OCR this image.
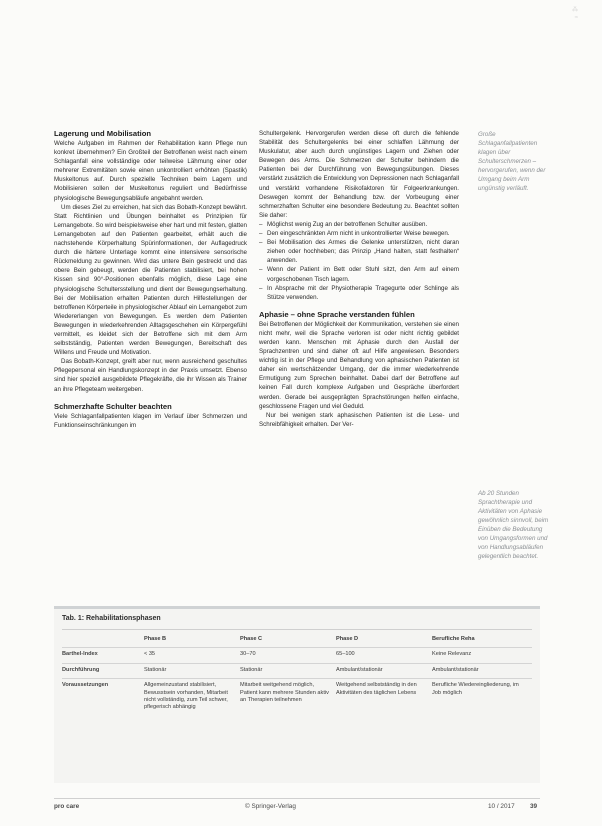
⁂
≈
Lagerung und Mobilisation

Welche Aufgaben im Rahmen der Rehabilitation kann Pflege nun konkret übernehmen? Ein Großteil der Betroffenen weist nach einem Schlaganfall eine vollständige oder teilweise Lähmung einer oder mehrerer Extremitäten sowie einen unkontrolliert erhöhten (Spastik) Muskeltonus auf. Durch spezielle Techniken beim Lagern und Mobilisieren sollen der Muskeltonus reguliert und Bedürfnisse physiologische Bewegungsabläufe angebahnt werden.

Um dieses Ziel zu erreichen, hat sich das Bobath-Konzept bewährt. Statt Richtlinien und Übungen beinhaltet es Prinzipien für Lernangebote. So wird beispielsweise eher hart und mit festen, glatten Lernangeboten auf den Patienten gearbeitet, erhält auch die nachstehende Körperhaltung Spürinformationen, der Auflagedruck durch die härtere Unterlage kommt eine intensivere sensorische Rückmeldung zu gewinnen. Wird das untere Bein gestreckt und das obere Bein gebeugt, werden die Patienten stabilisiert, bei hohen Kissen sind 90°-Positionen ebenfalls möglich, diese Lage eine physiologische Schultersstellung und dient der Bewegungserhaltung. Bei der Mobilisation erhalten Patienten durch Hilfestellungen der betroffenen Körperteile in physiologischer Ablauf ein Lernangebot zum Wiedererlangen von Bewegungen. Es werden dem Patienten Bewegungen in wiederkehrenden Alltagsgeschehen ein Körpergefühl vermittelt, es kleidet sich der Betroffene sich mit dem Arm selbstständig, Patienten werden Bewegungen, Bereitschaft des Willens und Freude und Motivation.

Das Bobath-Konzept, greift aber nur, wenn ausreichend geschultes Pflegepersonal ein Handlungskonzept in der Praxis umsetzt. Ebenso sind hier speziell ausgebildete Pflegekräfte, die ihr Wissen als Trainer an ihre Pflegeteam weitergeben.

Schmerzhafte Schulter beachten

Viele Schlaganfallpatienten klagen im Verlauf über Schmerzen und Funktionseinschränkungen im

Schultergelenk. Hervorgerufen werden diese oft durch die fehlende Stabilität des Schultergelenks bei einer schlaffen Lähmung der Muskulatur, aber auch durch ungünstiges Lagern und Ziehen oder Bewegen des Arms. Die Schmerzen der Schulter behindern die Patienten bei der Durchführung von Bewegungsübungen. Dieses verstärkt zusätzlich die Entwicklung von Depressionen nach Schlaganfall und verstärkt vorhandene Risikofaktoren für Folgeerkrankungen. Deswegen kommt der Behandlung bzw. der Vorbeugung einer schmerzhaften Schulter eine besondere Bedeutung zu. Beachtet sollten Sie daher:

– Möglichst wenig Zug an der betroffenen Schulter ausüben.
– Den eingeschränkten Arm nicht in unkontrollierter Weise bewegen.
– Bei Mobilisation des Armes die Gelenke unterstützen, nicht daran ziehen oder hochheben; das Prinzip „Hand halten, statt festhalten“ anwenden.
– Wenn der Patient im Bett oder Stuhl sitzt, den Arm auf einem vorgeschobenen Tisch lagern.
– In Absprache mit der Physiotherapie Tragegurte oder Schlinge als Stütze verwenden.
Aphasie – ohne Sprache verstanden fühlen

Bei Betroffenen der Möglichkeit der Kommunikation, verstehen sie einen nicht mehr, weil die Sprache verloren ist oder nicht richtig gebildet werden kann. Menschen mit Aphasie durch den Ausfall der Sprachzentren und sind daher oft auf Hilfe angewiesen. Besonders wichtig ist in der Pflege und Behandlung von aphasischen Patienten ist daher ein wertschätzender Umgang, der die immer wiederkehrende Ermutigung zum Sprechen beinhaltet. Dabei darf der Betroffene auf keinen Fall durch komplexe Aufgaben und Gespräche überfordert werden. Gerade bei ausgeprägten Sprachstörungen helfen einfache, geschlossene Fragen und viel Geduld.

Nur bei wenigen stark aphasischen Patienten ist die Lese- und Schreibfähigkeit erhalten. Der Ver-

Große Schlaganfallpatienten klagen über Schulterschmerzen – hervorgerufen, wenn der Umgang beim Arm ungünstig verläuft.
Ab 20 Stunden Sprachtherapie und Aktivitäten von Aphasie gewöhnlich sinnvoll, beim Einüben die Bedeutung von Umgangsformen und von Handlungsabläufen gelegentlich beachtet.
Tab. 1: Rehabilitationsphasen
	Phase B	Phase C	Phase D	Berufliche Reha
Barthel-Index	< 35	30–70	65–100	Keine Relevanz
Durchführung	Stationär	Stationär	Ambulant/stationär	Ambulant/stationär
Voraussetzungen	Allgemeinzustand stabilisiert, Bewusstsein vorhanden, Mitarbeit nicht vollständig, zum Teil schwer, pflegerisch abhängig	Mitarbeit weitgehend möglich, Patient kann mehrere Stunden aktiv an Therapien teilnehmen	Weitgehend selbstständig in den Aktivitäten des täglichen Lebens	Berufliche Wiedereingliederung, im Job möglich
pro care	© Springer-Verlag	10 / 2017 39
